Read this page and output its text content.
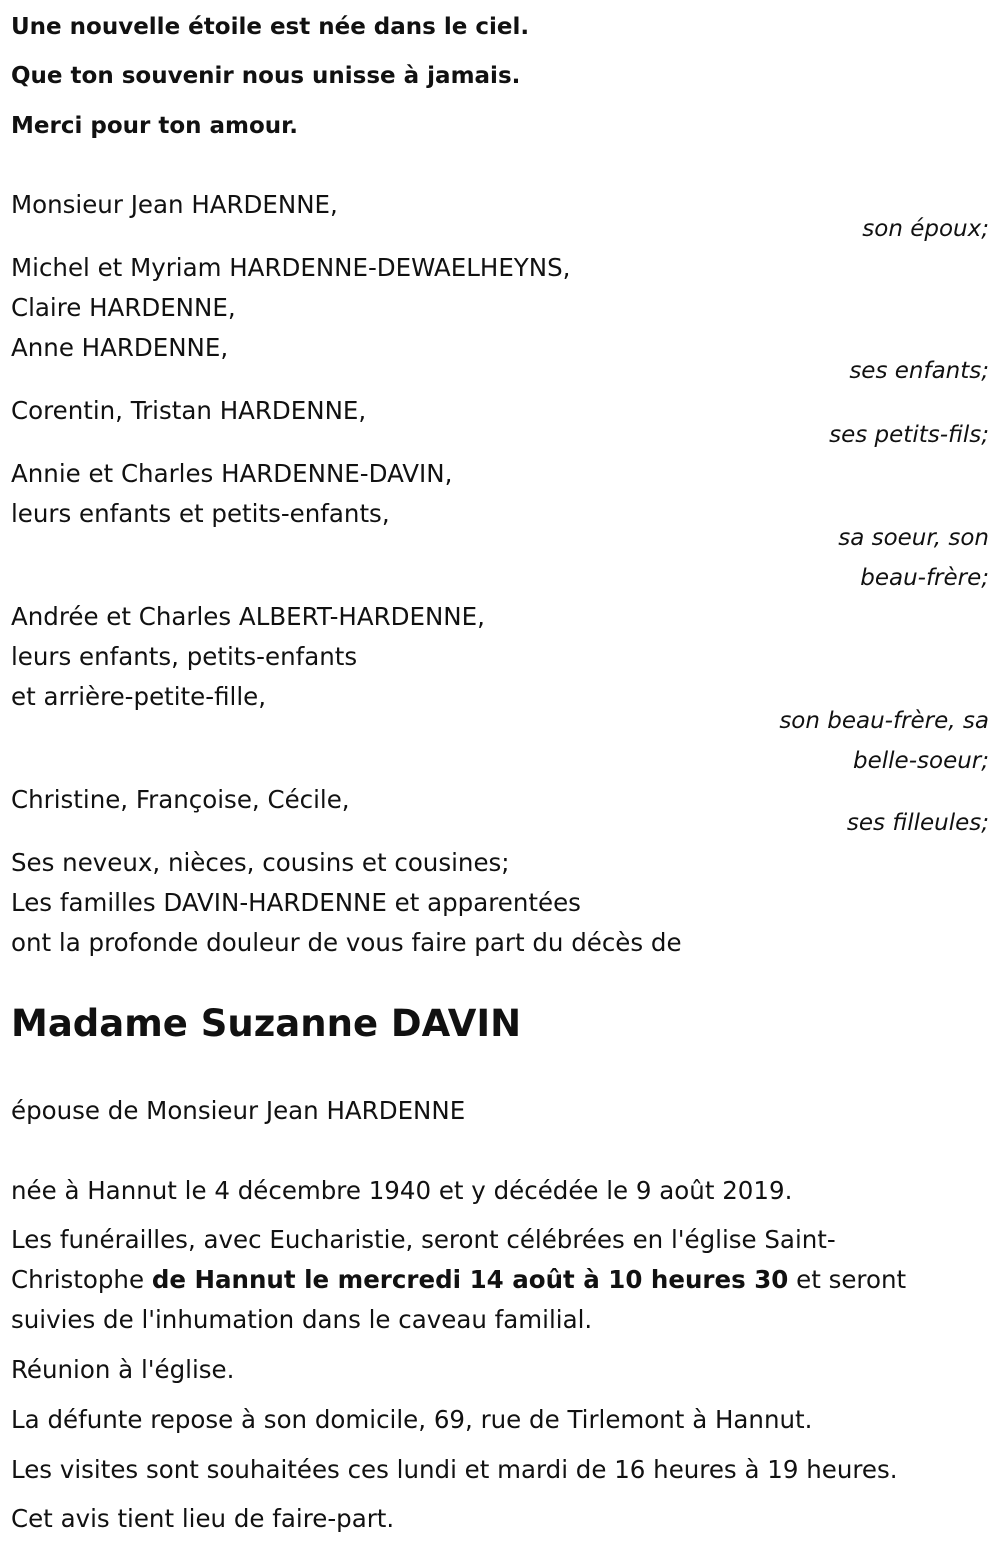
Une nouvelle étoile est née dans le ciel.
Que ton souvenir nous unisse à jamais.
Merci pour ton amour.
Monsieur Jean HARDENNE,
son époux;
Michel et Myriam HARDENNE-DEWAELHEYNS,
Claire HARDENNE,
Anne HARDENNE,
ses enfants;
Corentin, Tristan HARDENNE,
ses petits-fils;
Annie et Charles HARDENNE-DAVIN,
leurs enfants et petits-enfants,
sa soeur, son
beau-frère;
Andrée et Charles ALBERT-HARDENNE,
leurs enfants, petits-enfants
et arrière-petite-fille,
son beau-frère, sa
belle-soeur;
Christine, Françoise, Cécile,
ses filleules;
Ses neveux, nièces, cousins et cousines;
Les familles DAVIN-HARDENNE et apparentées
ont la profonde douleur de vous faire part du décès de
Madame Suzanne DAVIN
épouse de Monsieur Jean HARDENNE
née à Hannut le 4 décembre 1940 et y décédée le 9 août 2019.
Les funérailles, avec Eucharistie, seront célébrées en l'église Saint-
Christophe de Hannut le mercredi 14 août à 10 heures 30 et seront
suivies de l'inhumation dans le caveau familial.
Réunion à l'église.
La défunte repose à son domicile, 69, rue de Tirlemont à Hannut.
Les visites sont souhaitées ces lundi et mardi de 16 heures à 19 heures.
Cet avis tient lieu de faire-part.
